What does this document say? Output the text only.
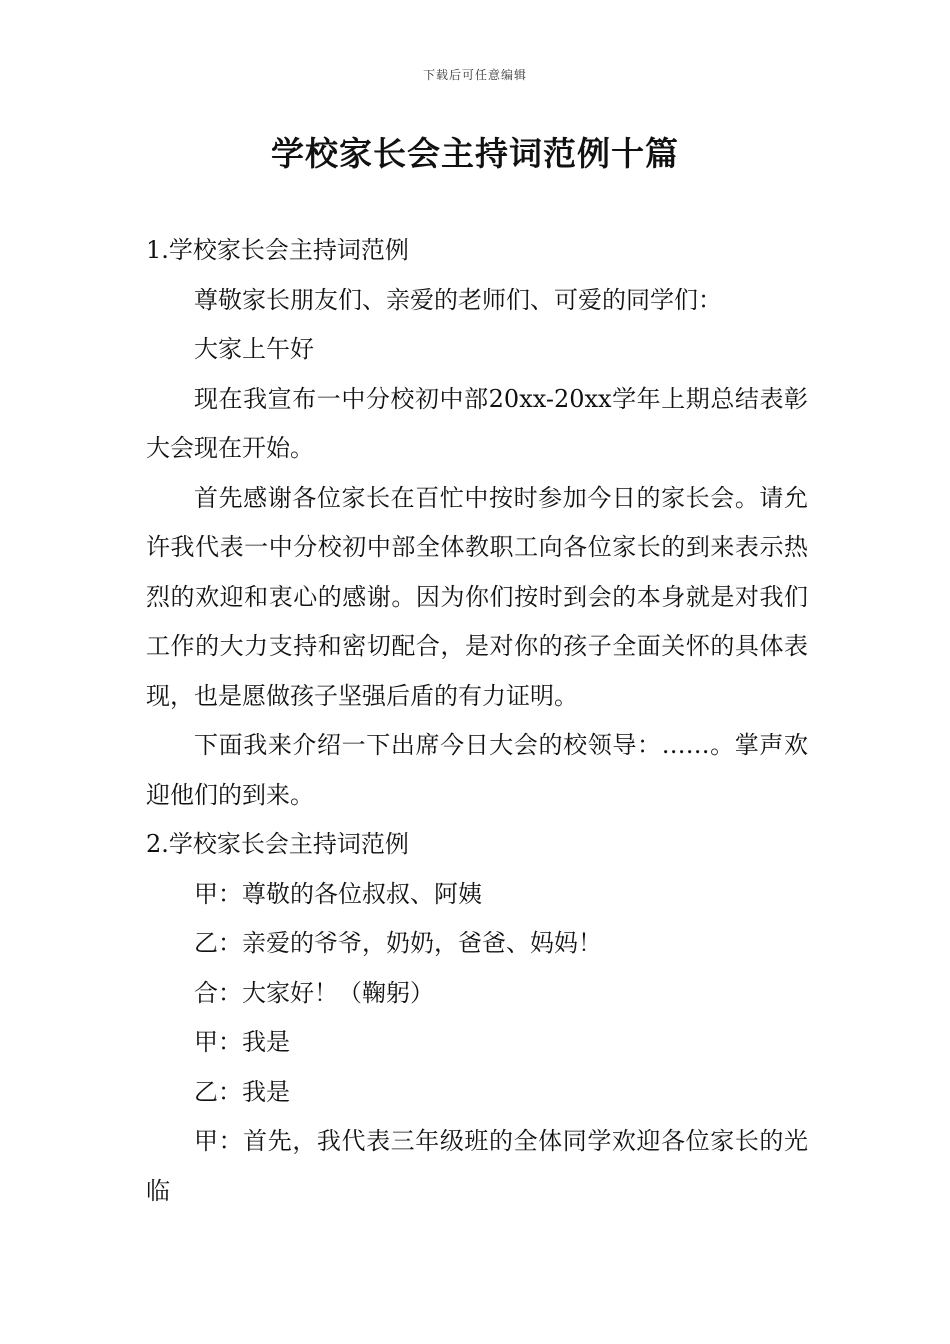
下载后可任意编辑
学校家长会主持词范例十篇

1.学校家长会主持词范例

尊敬家长朋友们、亲爱的老师们、可爱的同学们：

大家上午好

现在我宣布一中分校初中部20xx-20xx学年上期总结表彰大会现在开始。

首先感谢各位家长在百忙中按时参加今日的家长会。请允许我代表一中分校初中部全体教职工向各位家长的到来表示热烈的欢迎和衷心的感谢。因为你们按时到会的本身就是对我们工作的大力支持和密切配合，是对你的孩子全面关怀的具体表现，也是愿做孩子坚强后盾的有力证明。

下面我来介绍一下出席今日大会的校领导：……。掌声欢迎他们的到来。

2.学校家长会主持词范例

甲：尊敬的各位叔叔、阿姨

乙：亲爱的爷爷，奶奶，爸爸、妈妈！

合：大家好！（鞠躬）

甲：我是

乙：我是

甲：首先，我代表三年级班的全体同学欢迎各位家长的光临
